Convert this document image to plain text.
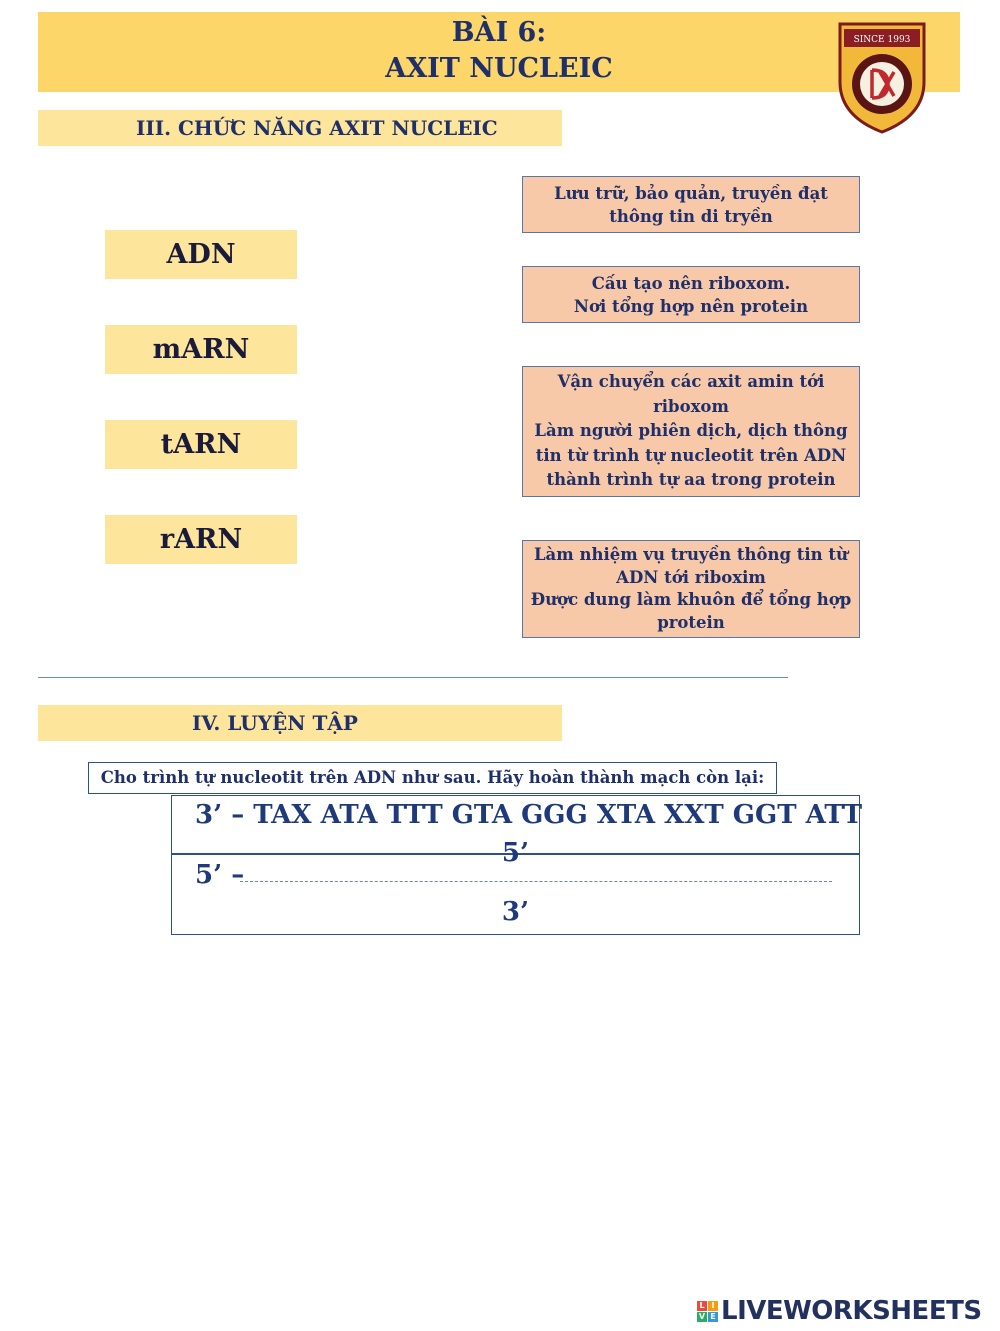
BÀI 6:
AXIT NUCLEIC
SINCE 1993
III. CHỨC NĂNG AXIT NUCLEIC
ADN
mARN
tARN
rARN
Lưu trữ, bảo quản, truyền đạt
thông tin di tryền
Cấu tạo nên riboxom.
Nơi tổng hợp nên protein
Vận chuyển các axit amin tới
riboxom
Làm người phiên dịch, dịch thông
tin từ trình tự nucleotit trên ADN
thành trình tự aa trong protein
Làm nhiệm vụ truyền thông tin từ
ADN tới riboxim
Được dung làm khuôn để tổng hợp
protein
IV. LUYỆN TẬP
Cho trình tự nucleotit trên ADN như sau. Hãy hoàn thành mạch còn lại:
3’ – TAX ATA TTT GTA GGG XTA XXT GGT ATT
5’
5’ –
3’
L I
V E LIVEWORKSHEETS
